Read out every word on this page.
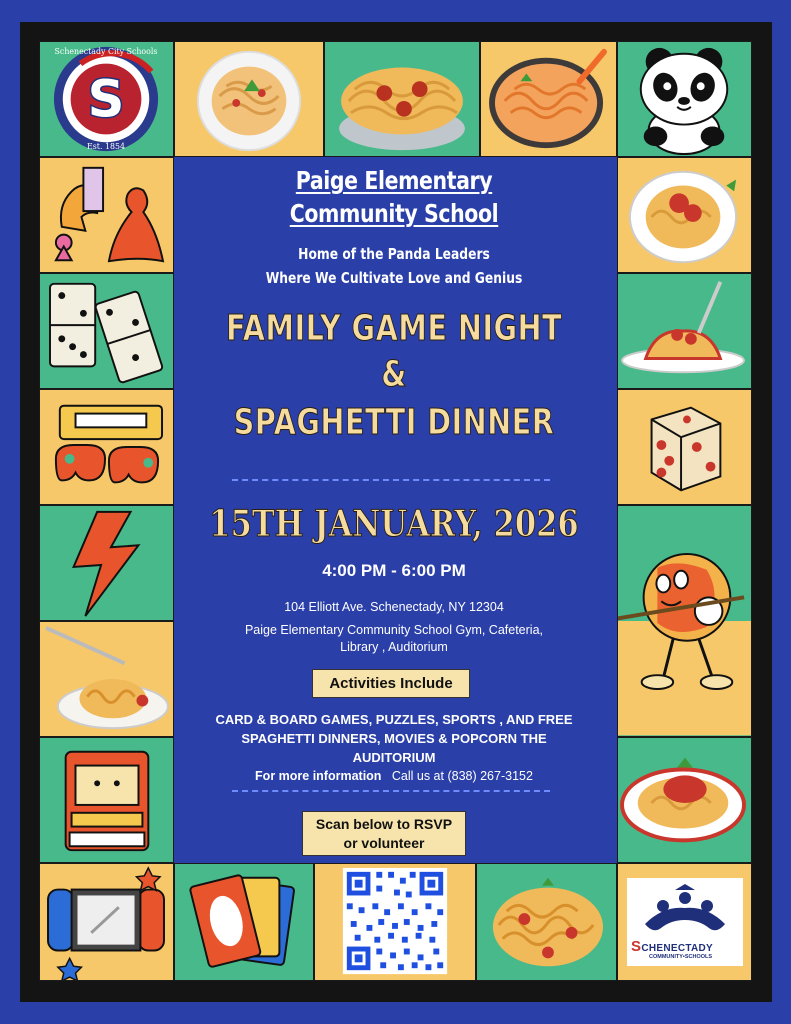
S
Schenectady City Schools
Est. 1854
SCHENECTADY
COMMUNITY•SCHOOLS
Paige Elementary
Community School
Home of the Panda Leaders
Where We Cultivate Love and Genius
FAMILY GAME NIGHT
&
SPAGHETTI DINNER
15TH JANUARY, 2026
4:00 PM - 6:00 PM
104 Elliott Ave. Schenectady, NY 12304
Paige Elementary Community School Gym, Cafeteria,
Library , Auditorium
Activities Include
CARD & BOARD GAMES, PUZZLES, SPORTS , AND FREE
SPAGHETTI DINNERS, MOVIES & POPCORN THE
AUDITORIUM
For more information Call us at (838) 267-3152
Scan below to RSVP
or volunteer
